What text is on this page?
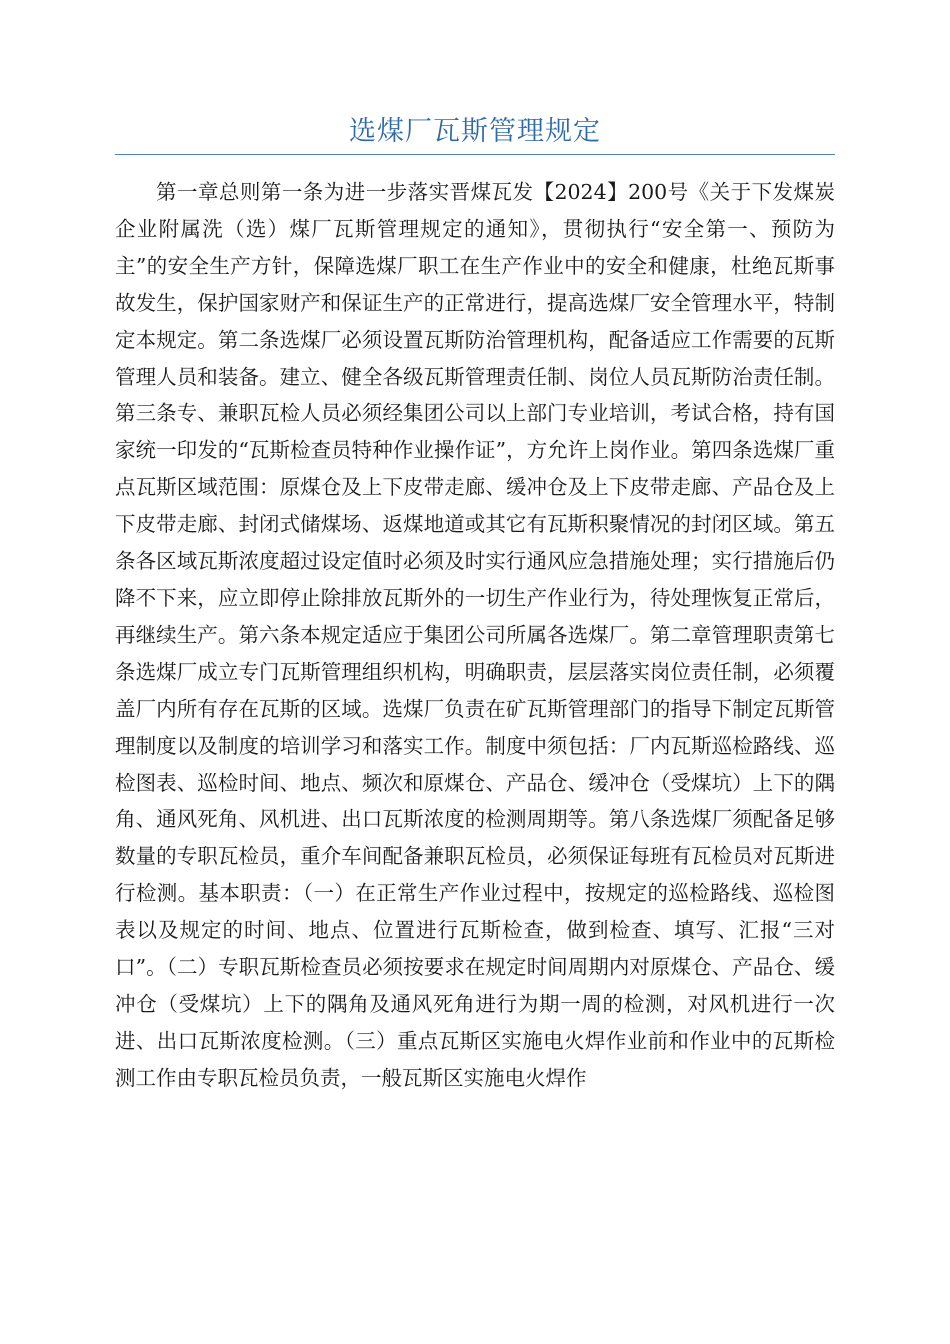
选煤厂瓦斯管理规定

第一章总则第一条为进一步落实晋煤瓦发【2024】200号《关于下发煤炭企业附属洗（选）煤厂瓦斯管理规定的通知》，贯彻执行“安全第一、预防为主”的安全生产方针，保障选煤厂职工在生产作业中的安全和健康，杜绝瓦斯事故发生，保护国家财产和保证生产的正常进行，提高选煤厂安全管理水平，特制定本规定。第二条选煤厂必须设置瓦斯防治管理机构，配备适应工作需要的瓦斯管理人员和装备。建立、健全各级瓦斯管理责任制、岗位人员瓦斯防治责任制。第三条专、兼职瓦检人员必须经集团公司以上部门专业培训，考试合格，持有国家统一印发的“瓦斯检查员特种作业操作证”，方允许上岗作业。第四条选煤厂重点瓦斯区域范围：原煤仓及上下皮带走廊、缓冲仓及上下皮带走廊、产品仓及上下皮带走廊、封闭式储煤场、返煤地道或其它有瓦斯积聚情况的封闭区域。第五条各区域瓦斯浓度超过设定值时必须及时实行通风应急措施处理；实行措施后仍降不下来，应立即停止除排放瓦斯外的一切生产作业行为，待处理恢复正常后，再继续生产。第六条本规定适应于集团公司所属各选煤厂。第二章管理职责第七条选煤厂成立专门瓦斯管理组织机构，明确职责，层层落实岗位责任制，必须覆盖厂内所有存在瓦斯的区域。选煤厂负责在矿瓦斯管理部门的指导下制定瓦斯管理制度以及制度的培训学习和落实工作。制度中须包括：厂内瓦斯巡检路线、巡检图表、巡检时间、地点、频次和原煤仓、产品仓、缓冲仓（受煤坑）上下的隅角、通风死角、风机进、出口瓦斯浓度的检测周期等。第八条选煤厂须配备足够数量的专职瓦检员，重介车间配备兼职瓦检员，必须保证每班有瓦检员对瓦斯进行检测。基本职责：（一）在正常生产作业过程中，按规定的巡检路线、巡检图表以及规定的时间、地点、位置进行瓦斯检查，做到检查、填写、汇报“三对口”。（二）专职瓦斯检查员必须按要求在规定时间周期内对原煤仓、产品仓、缓冲仓（受煤坑）上下的隅角及通风死角进行为期一周的检测，对风机进行一次进、出口瓦斯浓度检测。（三）重点瓦斯区实施电火焊作业前和作业中的瓦斯检测工作由专职瓦检员负责，一般瓦斯区实施电火焊作
